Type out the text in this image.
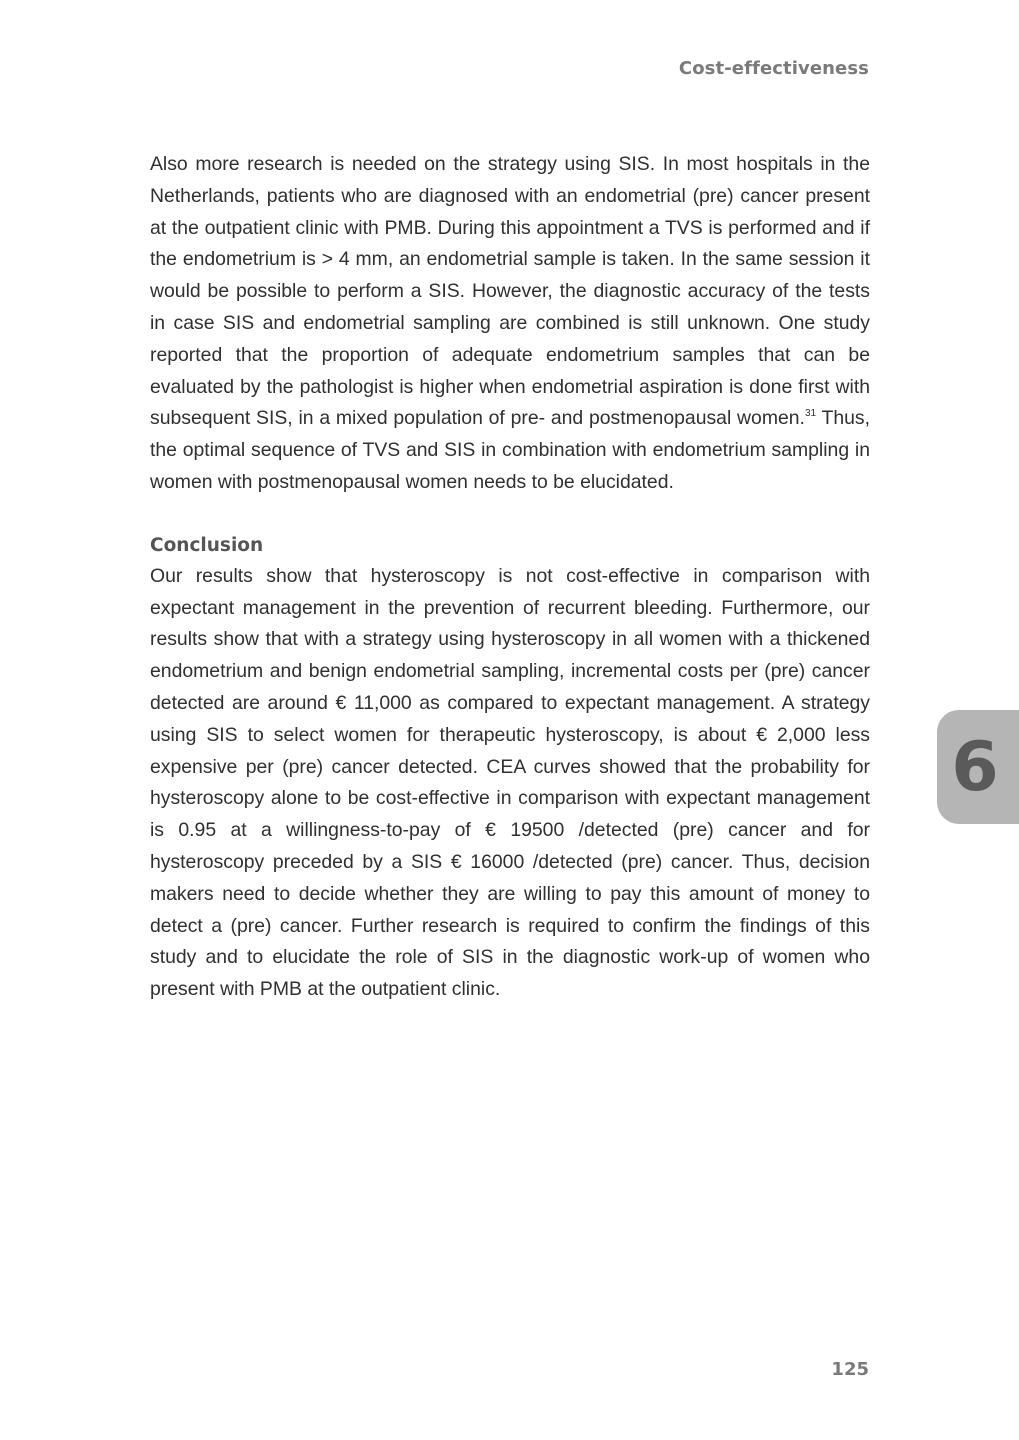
Cost-effectiveness

Also more research is needed on the strategy using SIS. In most hospitals in the Netherlands, patients who are diagnosed with an endometrial (pre) cancer present at the outpatient clinic with PMB. During this appointment a TVS is performed and if the endometrium is > 4 mm, an endometrial sample is taken. In the same session it would be possible to perform a SIS. However, the diagnostic accuracy of the tests in case SIS and endometrial sampling are combined is still unknown. One study reported that the proportion of adequate endometrium samples that can be evaluated by the pathologist is higher when endometrial aspiration is done first with subsequent SIS, in a mixed population of pre- and postmenopausal women.$^{31}$ Thus, the optimal sequence of TVS and SIS in combination with endometrium sampling in women with postmenopausal women needs to be elucidated.

Conclusion

Our results show that hysteroscopy is not cost-effective in comparison with expectant management in the prevention of recurrent bleeding. Furthermore, our results show that with a strategy using hysteroscopy in all women with a thickened endometrium and benign endometrial sampling, incremental costs per (pre) cancer detected are around € 11,000 as compared to expectant management. A strategy using SIS to select women for therapeutic hysteroscopy, is about € 2,000 less expensive per (pre) cancer detected. CEA curves showed that the probability for hysteroscopy alone to be cost-effective in comparison with expectant management is 0.95 at a willingness-to-pay of € 19500 /detected (pre) cancer and for hysteroscopy preceded by a SIS € 16000 /detected (pre) cancer. Thus, decision makers need to decide whether they are willing to pay this amount of money to detect a (pre) cancer. Further research is required to confirm the findings of this study and to elucidate the role of SIS in the diagnostic work-up of women who present with PMB at the outpatient clinic.

6
125
